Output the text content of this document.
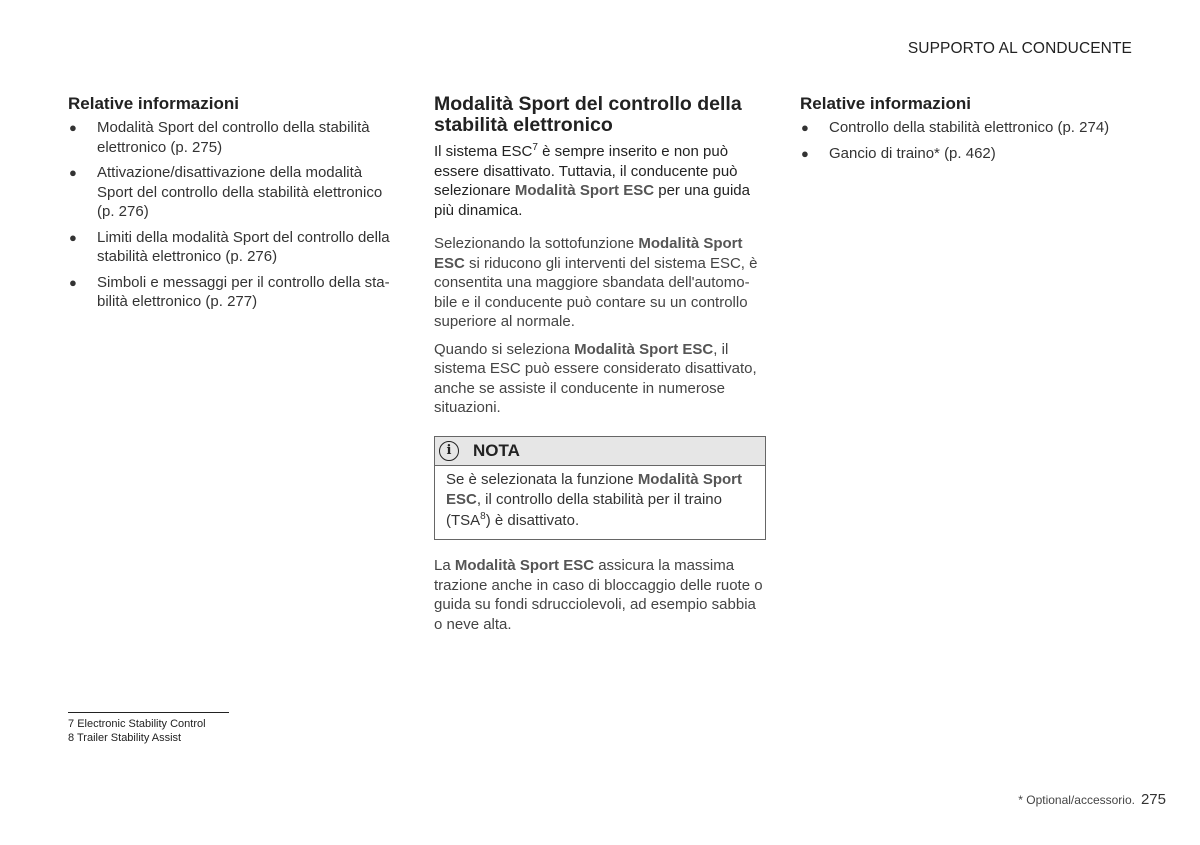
SUPPORTO AL CONDUCENTE
Relative informazioni
● Modalità Sport del controllo della stabilità elettronico (p. 275)
● Attivazione/disattivazione della modalità Sport del controllo della stabilità elettronico (p. 276)
● Limiti della modalità Sport del controllo della stabilità elettronico (p. 276)
● Simboli e messaggi per il controllo della sta-bilità elettronico (p. 277)
Modalità Sport del controllo della stabilità elettronico

Il sistema ESC$^7$ è sempre inserito e non può essere disattivato. Tuttavia, il conducente può selezionare Modalità Sport ESC per una guida più dinamica.

Selezionando la sottofunzione Modalità Sport ESC si riducono gli interventi del sistema ESC, è consentita una maggiore sbandata dell'automo-bile e il conducente può contare su un controllo superiore al normale.

Quando si seleziona Modalità Sport ESC, il sistema ESC può essere considerato disattivato, anche se assiste il conducente in numerose situazioni.

i	NOTA
Se è selezionata la funzione Modalità Sport ESC, il controllo della stabilità per il traino (TSA$^8$) è disattivato.

La Modalità Sport ESC assicura la massima trazione anche in caso di bloccaggio delle ruote o guida su fondi sdrucciolevoli, ad esempio sabbia o neve alta.

Relative informazioni
● Controllo della stabilità elettronico (p. 274)
● Gancio di traino* (p. 462)
7 Electronic Stability Control
8 Trailer Stability Assist
* Optional/accessorio. 275
